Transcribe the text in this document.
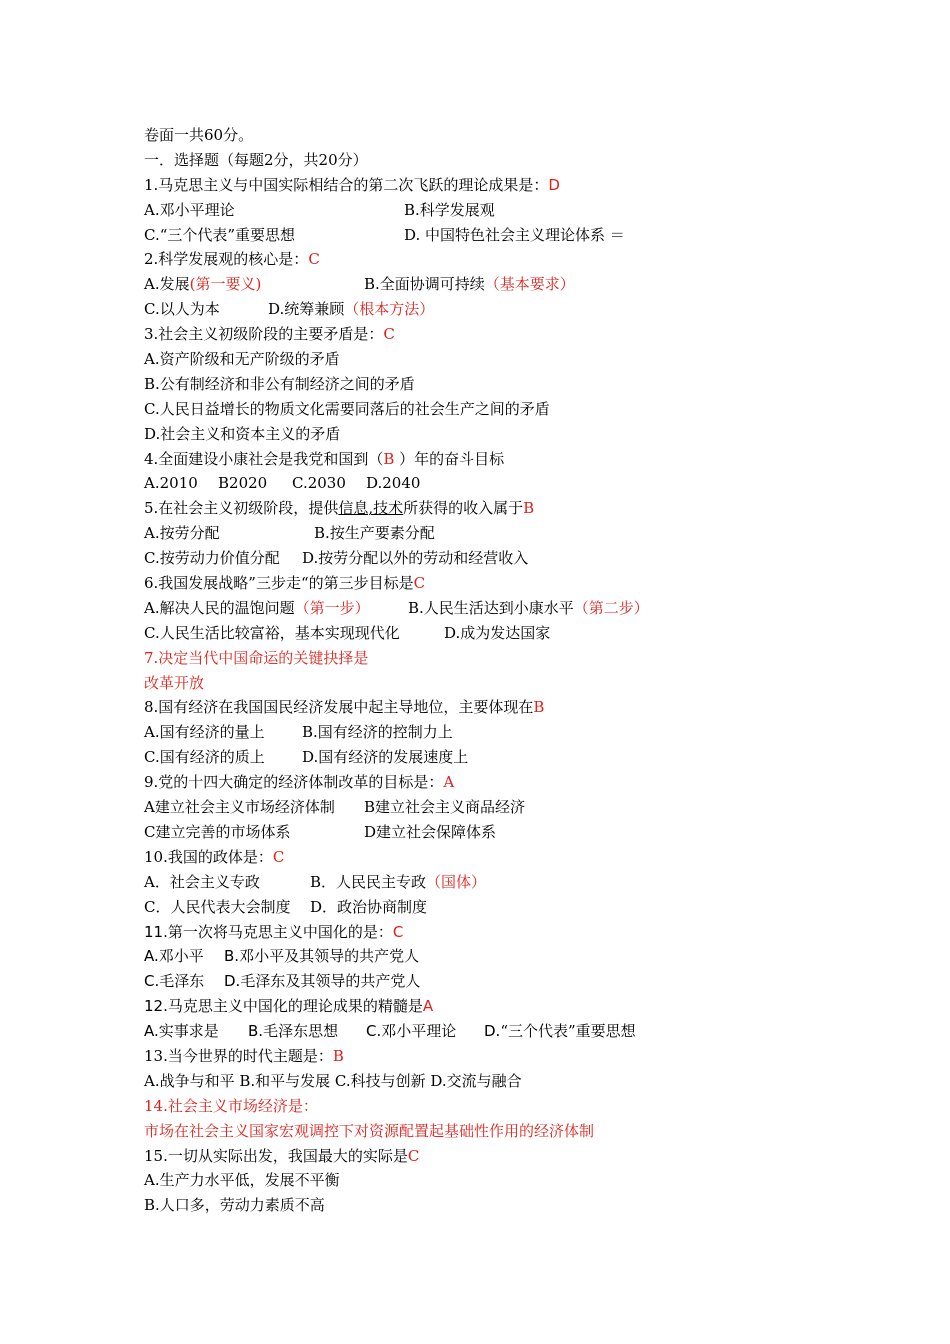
卷面一共60分。
一．选择题（每题2分，共20分）
1.马克思主义与中国实际相结合的第二次飞跃的理论成果是：D
A.邓小平理论	B.科学发展观
C.“三个代表”重要思想	D. 中国特色社会主义理论体系 ＝
2.科学发展观的核心是：C
A.发展(第一要义)	B.全面协调可持续（基本要求）
C.以人为本	D.统筹兼顾（根本方法）
3.社会主义初级阶段的主要矛盾是：C
A.资产阶级和无产阶级的矛盾
B.公有制经济和非公有制经济之间的矛盾
C.人民日益增长的物质文化需要同落后的社会生产之间的矛盾
D.社会主义和资本主义的矛盾
4.全面建设小康社会是我党和国到（B ）年的奋斗目标
A.2010 B2020 C.2030 D.2040
5.在社会主义初级阶段，提供信息,技术所获得的收入属于B
A.按劳分配	B.按生产要素分配
C.按劳动力价值分配 D.按劳分配以外的劳动和经营收入
6.我国发展战略”三步走“的第三步目标是C
A.解决人民的温饱问题（第一步）	B.人民生活达到小康水平（第二步）
C.人民生活比较富裕，基本实现现代化	D.成为发达国家
7.决定当代中国命运的关键抉择是
改革开放
8.国有经济在我国国民经济发展中起主导地位，主要体现在B
A.国有经济的量上 B.国有经济的控制力上
C.国有经济的质上 D.国有经济的发展速度上
9.党的十四大确定的经济体制改革的目标是：A
A建立社会主义市场经济体制 B建立社会主义商品经济
C建立完善的市场体系	D建立社会保障体系
10.我国的政体是：C
A．社会主义专政	B．人民民主专政（国体）
C．人民代表大会制度 D．政治协商制度
11.第一次将马克思主义中国化的是：C
A.邓小平 B.邓小平及其领导的共产党人
C.毛泽东 D.毛泽东及其领导的共产党人
12.马克思主义中国化的理论成果的精髓是A
A.实事求是 B.毛泽东思想 C.邓小平理论 D.“三个代表”重要思想
13.当今世界的时代主题是：B
A.战争与和平 B.和平与发展 C.科技与创新 D.交流与融合
14.社会主义市场经济是：
市场在社会主义国家宏观调控下对资源配置起基础性作用的经济体制
15.一切从实际出发，我国最大的实际是C
A.生产力水平低，发展不平衡
B.人口多，劳动力素质不高
